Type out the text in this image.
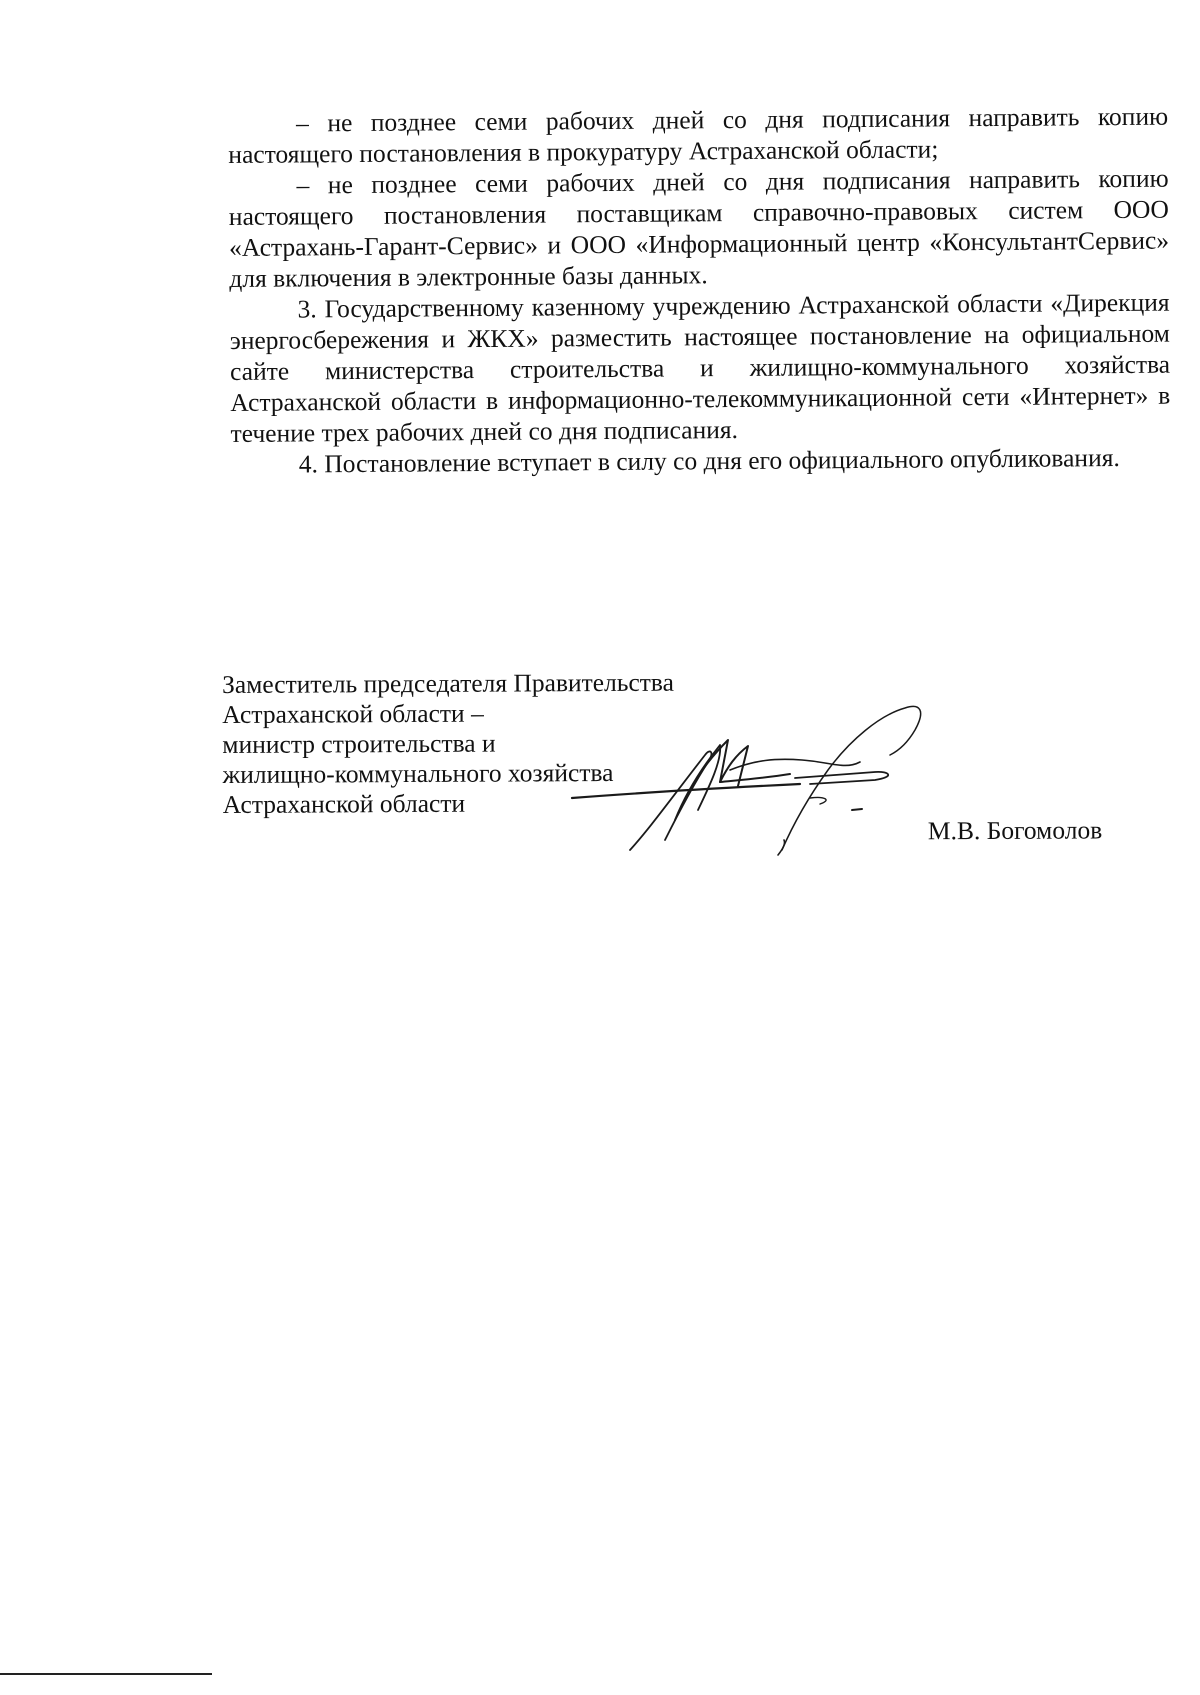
– не позднее семи рабочих дней со дня подписания направить копию настоящего постановления в прокуратуру Астраханской области;

– не позднее семи рабочих дней со дня подписания направить копию настоящего постановления поставщикам справочно-правовых систем ООО «Астрахань-Гарант-Сервис» и ООО «Информационный центр «КонсультантСервис» для включения в электронные базы данных.

3. Государственному казенному учреждению Астраханской области «Дирекция энергосбережения и ЖКХ» разместить настоящее постановление на официальном сайте министерства строительства и жилищно-коммунального хозяйства Астраханской области в информационно-телекоммуникационной сети «Интернет» в течение трех рабочих дней со дня подписания.

4. Постановление вступает в силу со дня его официального опубликования.

Заместитель председателя Правительства
Астраханской области –
министр строительства и
жилищно-коммунального хозяйства
Астраханской области
М.В. Богомолов
